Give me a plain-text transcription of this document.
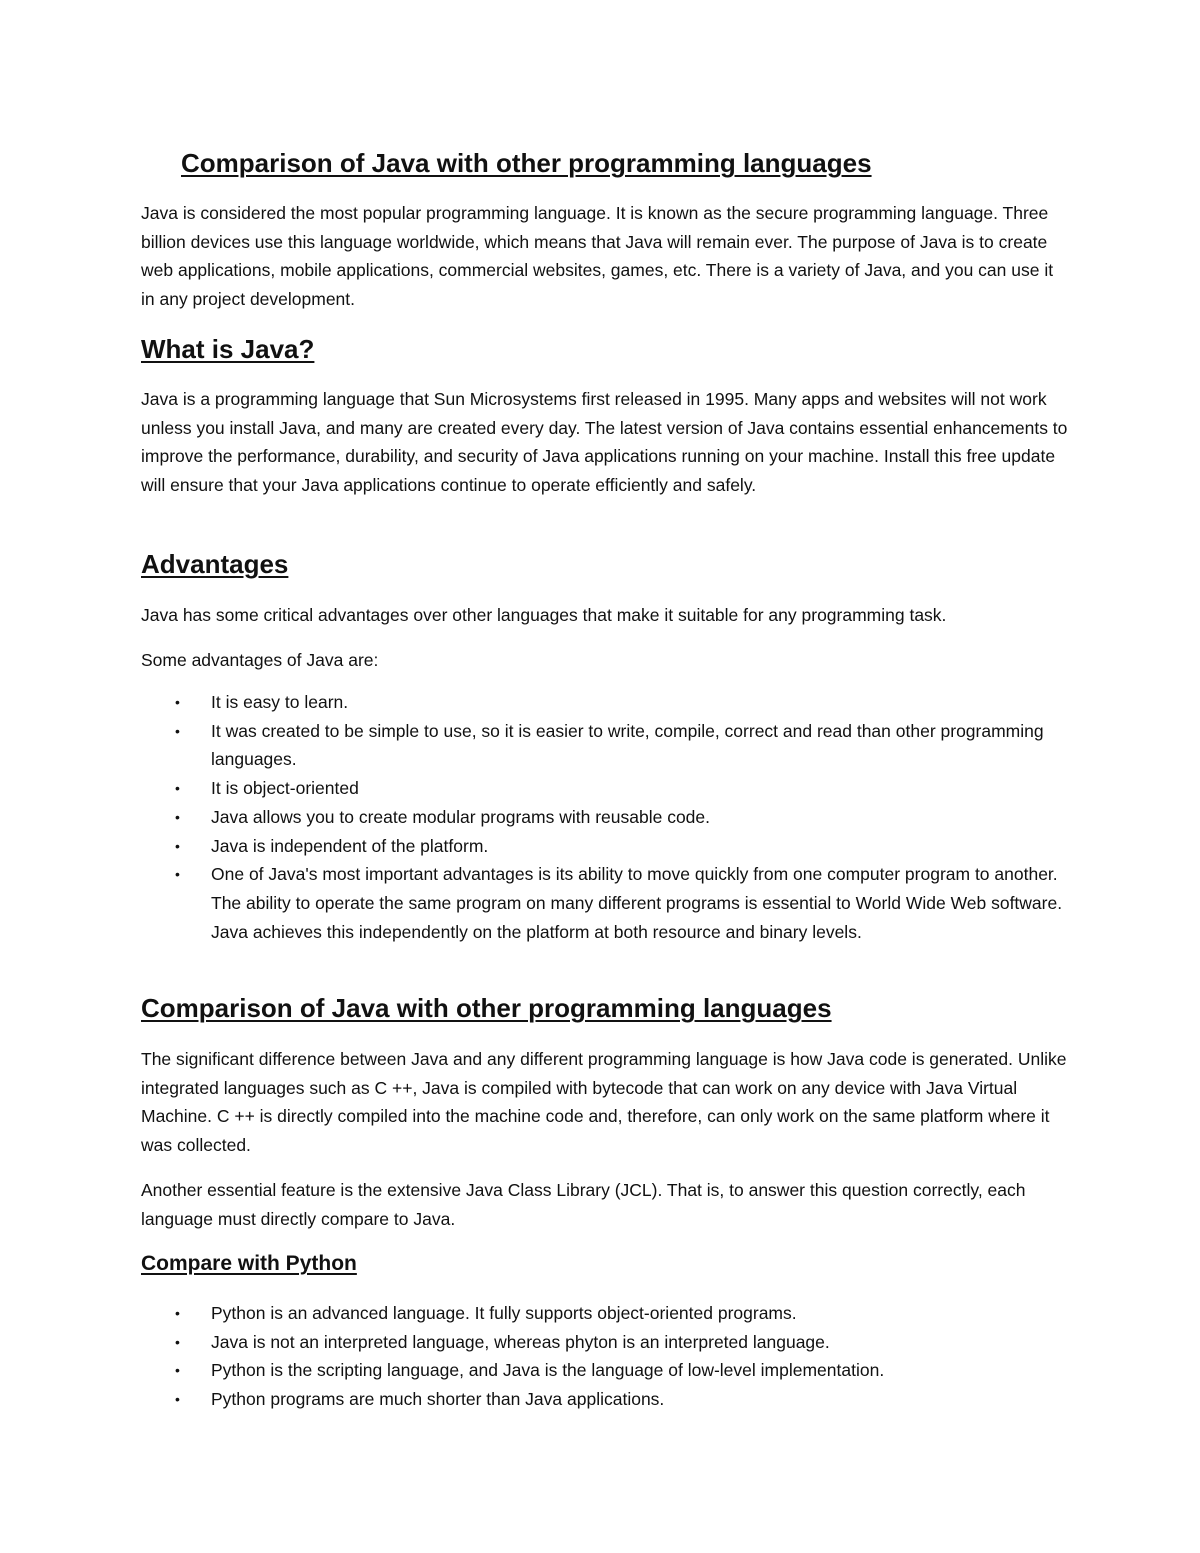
Comparison of Java with other programming languages

Java is considered the most popular programming language. It is known as the secure programming language. Three billion devices use this language worldwide, which means that Java will remain ever. The purpose of Java is to create web applications, mobile applications, commercial websites, games, etc. There is a variety of Java, and you can use it in any project development.

What is Java?

Java is a programming language that Sun Microsystems first released in 1995. Many apps and websites will not work unless you install Java, and many are created every day. The latest version of Java contains essential enhancements to improve the performance, durability, and security of Java applications running on your machine. Install this free update will ensure that your Java applications continue to operate efficiently and safely.

Advantages

Java has some critical advantages over other languages that make it suitable for any programming task.

Some advantages of Java are:

• It is easy to learn.
• It was created to be simple to use, so it is easier to write, compile, correct and read than other programming languages.
• It is object-oriented
• Java allows you to create modular programs with reusable code.
• Java is independent of the platform.
• One of Java's most important advantages is its ability to move quickly from one computer program to another. The ability to operate the same program on many different programs is essential to World Wide Web software. Java achieves this independently on the platform at both resource and binary levels.
Comparison of Java with other programming languages

The significant difference between Java and any different programming language is how Java code is generated. Unlike integrated languages such as C ++, Java is compiled with bytecode that can work on any device with Java Virtual Machine. C ++ is directly compiled into the machine code and, therefore, can only work on the same platform where it was collected.

Another essential feature is the extensive Java Class Library (JCL). That is, to answer this question correctly, each language must directly compare to Java.

Compare with Python
• Python is an advanced language. It fully supports object-oriented programs.
• Java is not an interpreted language, whereas phyton is an interpreted language.
• Python is the scripting language, and Java is the language of low-level implementation.
• Python programs are much shorter than Java applications.
